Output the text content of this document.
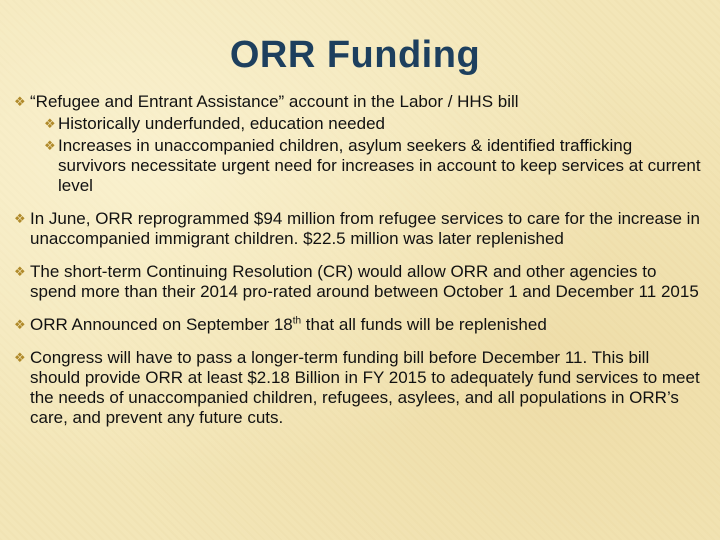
ORR Funding
❖ “Refugee and Entrant Assistance” account in the Labor / HHS bill
❖ Historically underfunded, education needed
❖ Increases in unaccompanied children, asylum seekers & identified trafficking survivors necessitate urgent need for increases in account to keep services at current level
❖ In June, ORR reprogrammed $94 million from refugee services to care for the increase in unaccompanied immigrant children. $22.5 million was later replenished
❖ The short-term Continuing Resolution (CR) would allow ORR and other agencies to spend more than their 2014 pro-rated around between October 1 and December 11 2015
❖ ORR Announced on September 18th that all funds will be replenished
❖ Congress will have to pass a longer-term funding bill before December 11. This bill should provide ORR at least $2.18 Billion in FY 2015 to adequately fund services to meet the needs of unaccompanied children, refugees, asylees, and all populations in ORR’s care, and prevent any future cuts.
